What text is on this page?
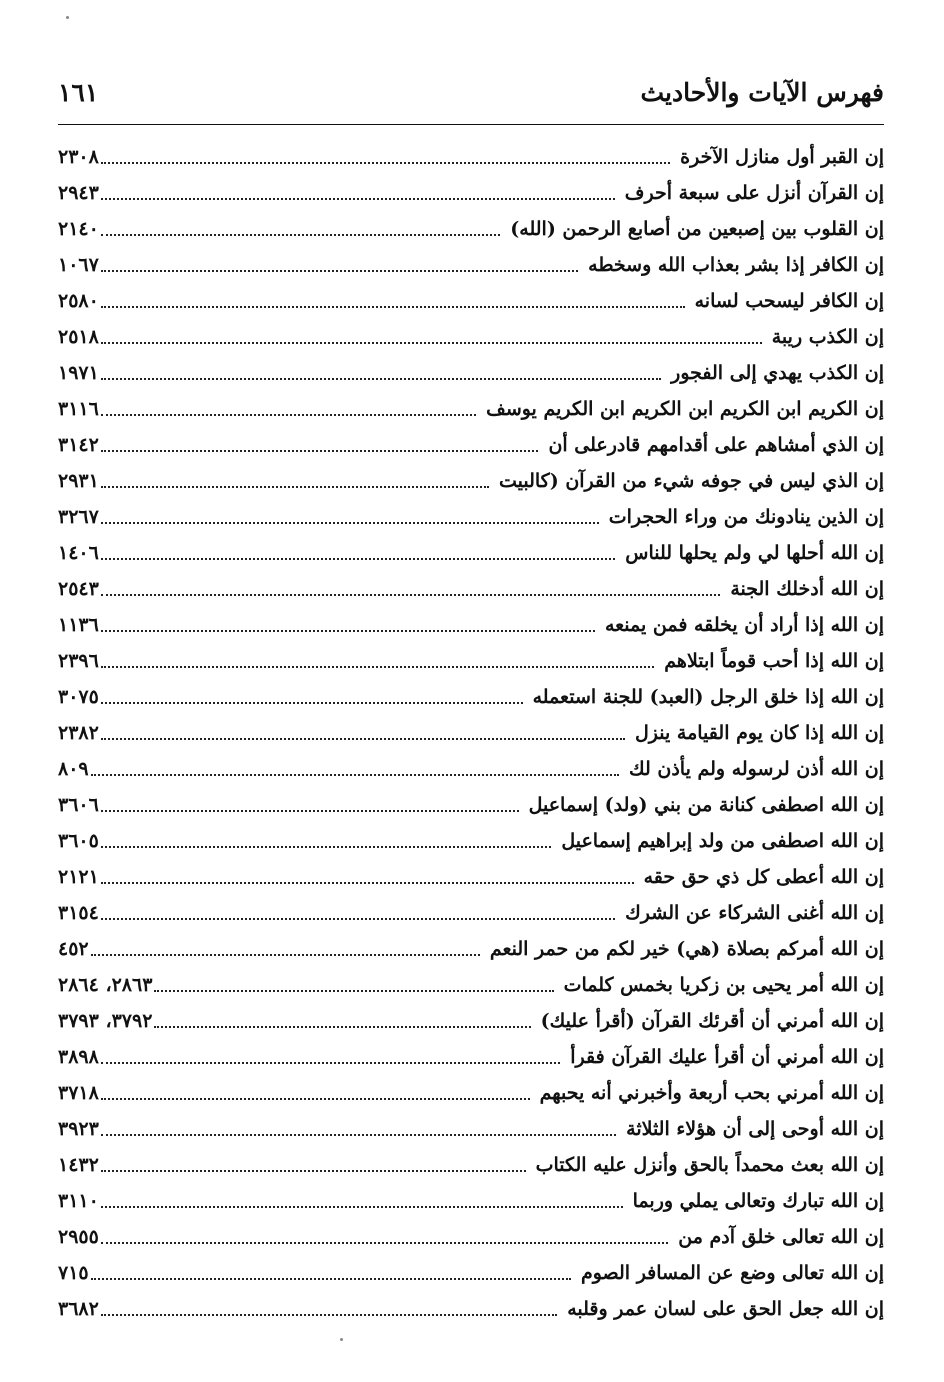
فهرس الآيات والأحاديث
١٦١
إن القبر أول منازل الآخرة
٢٣٠٨
إن القرآن أنزل على سبعة أحرف
٢٩٤٣
إن القلوب بين إصبعين من أصابع الرحمن (الله)
٢١٤٠
إن الكافر إذا بشر بعذاب الله وسخطه
١٠٦٧
إن الكافر ليسحب لسانه
٢٥٨٠
إن الكذب ريبة
٢٥١٨
إن الكذب يهدي إلى الفجور
١٩٧١
إن الكريم ابن الكريم ابن الكريم ابن الكريم يوسف
٣١١٦
إن الذي أمشاهم على أقدامهم قادرعلى أن
٣١٤٢
إن الذي ليس في جوفه شيء من القرآن (كالبيت
٢٩٣١
إن الذين ينادونك من وراء الحجرات
٣٢٦٧
إن الله أحلها لي ولم يحلها للناس
١٤٠٦
إن الله أدخلك الجنة
٢٥٤٣
إن الله إذا أراد أن يخلقه فمن يمنعه
١١٣٦
إن الله إذا أحب قوماً ابتلاهم
٢٣٩٦
إن الله إذا خلق الرجل (العبد) للجنة استعمله
٣٠٧٥
إن الله إذا كان يوم القيامة ينزل
٢٣٨٢
إن الله أذن لرسوله ولم يأذن لك
٨٠٩
إن الله اصطفى كنانة من بني (ولد) إسماعيل
٣٦٠٦
إن الله اصطفى من ولد إبراهيم إسماعيل
٣٦٠٥
إن الله أعطى كل ذي حق حقه
٢١٢١
إن الله أغنى الشركاء عن الشرك
٣١٥٤
إن الله أمركم بصلاة (هي) خير لكم من حمر النعم
٤٥٢
إن الله أمر يحيى بن زكريا بخمس كلمات
٢٨٦٣، ٢٨٦٤
إن الله أمرني أن أقرئك القرآن (أقرأ عليك)
٣٧٩٢، ٣٧٩٣
إن الله أمرني أن أقرأ عليك القرآن فقرأ
٣٨٩٨
إن الله أمرني بحب أربعة وأخبرني أنه يحبهم
٣٧١٨
إن الله أوحى إلى أن هؤلاء الثلاثة
٣٩٢٣
إن الله بعث محمداً بالحق وأنزل عليه الكتاب
١٤٣٢
إن الله تبارك وتعالى يملي وربما
٣١١٠
إن الله تعالى خلق آدم من
٢٩٥٥
إن الله تعالى وضع عن المسافر الصوم
٧١٥
إن الله جعل الحق على لسان عمر وقلبه
٣٦٨٢
